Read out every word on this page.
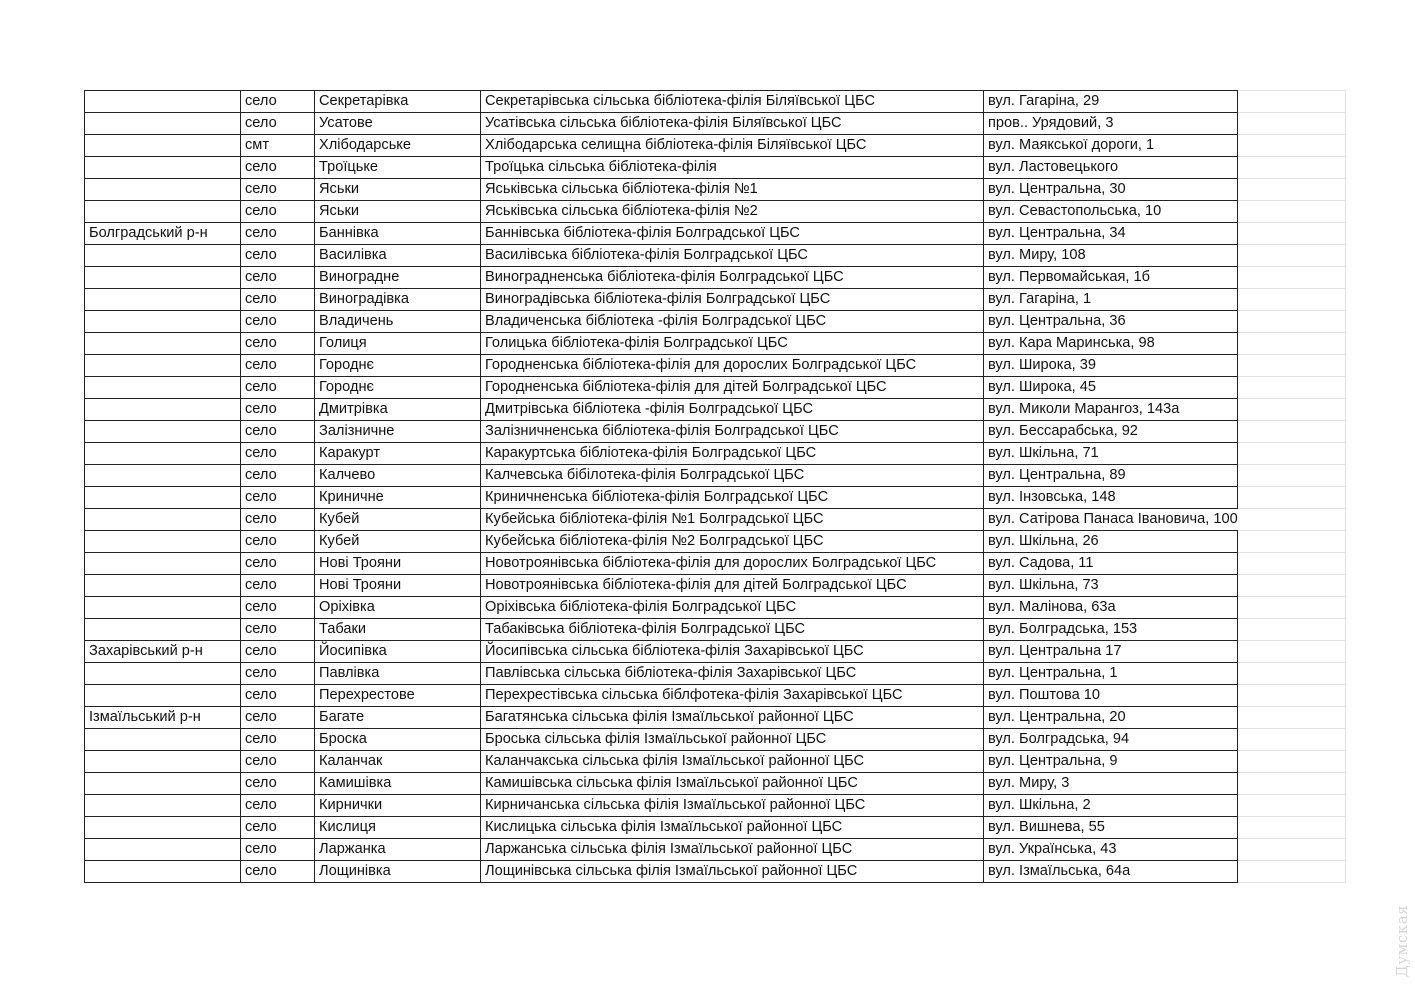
	село	Секретарівка	Секретарівська сільська бібліотека-філія Біляївської ЦБС	вул. Гагаріна, 29	
	село	Усатове	Усатівська сільська бібліотека-філія Біляївської ЦБС	пров.. Урядовий, 3	
	смт	Хлібодарське	Хлібодарська селищна бібліотека-філія Біляївської ЦБС	вул. Маякської дороги, 1	
	село	Троїцьке	Троїцька сільська бібліотека-філія	вул. Ластовецького	
	село	Яськи	Яськівська сільська бібліотека-філія №1	вул. Центральна, 30	
	село	Яськи	Яськівська сільська бібліотека-філія №2	вул. Севастопольська, 10	
Болградський р-н	село	Баннівка	Баннівська бібліотека-філія Болградської ЦБС	вул. Центральна, 34	
	село	Василівка	Василівська бібліотека-філія Болградської ЦБС	вул. Миру, 108	
	село	Виноградне	Виноградненська бібліотека-філія Болградської ЦБС	вул. Первомайськая, 1б	
	село	Виноградівка	Виноградівська бібліотека-філія Болградської ЦБС	вул. Гагаріна, 1	
	село	Владичень	Владиченська бібліотека -філія Болградської ЦБС	вул. Центральна, 36	
	село	Голиця	Голицька бібліотека-філія Болградської ЦБС	вул. Кара Маринська, 98	
	село	Городнє	Городненська бібліотека-філія для дорослих Болградської ЦБС	вул. Широка, 39	
	село	Городнє	Городненська бібліотека-філія для дітей Болградської ЦБС	вул. Широка, 45	
	село	Дмитрівка	Дмитрівська бібліотека -філія Болградської ЦБС	вул. Миколи Марангоз, 143а	
	село	Залізничне	Залізничненська бібліотека-філія Болградської ЦБС	вул. Бессарабська, 92	
	село	Каракурт	Каракуртська бібліотека-філія Болградської ЦБС	вул. Шкільна, 71	
	село	Калчево	Калчевська бібілотека-філія Болградської ЦБС	вул. Центральна, 89	
	село	Криничне	Криничненська бібліотека-філія Болградської ЦБС	вул. Інзовська, 148	
	село	Кубей	Кубейська бібліотека-філія №1 Болградської ЦБС	вул. Сатірова Панаса Івановича, 100	
	село	Кубей	Кубейська бібліотека-філія №2 Болградської ЦБС	вул. Шкільна, 26	
	село	Нові Трояни	Новотроянівська бібліотека-філія для дорослих Болградської ЦБС	вул. Садова, 11	
	село	Нові Трояни	Новотроянівська бібліотека-філія для дітей Болградської ЦБС	вул. Шкільна, 73	
	село	Оріхівка	Оріхівська бібліотека-філія Болградської ЦБС	вул. Малінова, 63а	
	село	Табаки	Табаківська бібліотека-філія Болградської ЦБС	вул. Болградська, 153	
Захарівський р-н	село	Йосипівка	Йосипівська сільська бібліотека-філія Захарівської ЦБС	вул. Центральна 17	
	село	Павлівка	Павлівська сільська бібліотека-філія Захарівської ЦБС	вул. Центральна, 1	
	село	Перехрестове	Перехрестівська сільська біблфотека-філія Захарівської ЦБС	вул. Поштова 10	
Ізмаїльський р-н	село	Багате	Багатянська сільська філія Ізмаїльської районної ЦБС	вул. Центральна, 20	
	село	Броска	Броська сільська філія Ізмаїльської районної ЦБС	вул. Болградська, 94	
	село	Каланчак	Каланчакська сільська філія Ізмаїльської районної ЦБС	вул. Центральна, 9	
	село	Камишівка	Камишівська сільська філія Ізмаїльської районної ЦБС	вул. Миру, 3	
	село	Кирнички	Кирничанська сільська філія Ізмаїльської районної ЦБС	вул. Шкільна, 2	
	село	Кислиця	Кислицька сільська філія Ізмаїльської районної ЦБС	вул. Вишнева, 55	
	село	Ларжанка	Ларжанська сільська філія Ізмаїльської районної ЦБС	вул. Українська, 43	
	село	Лощинівка	Лощинівська сільська філія Ізмаїльської районної ЦБС	вул. Ізмаїльська, 64а	
Думская
